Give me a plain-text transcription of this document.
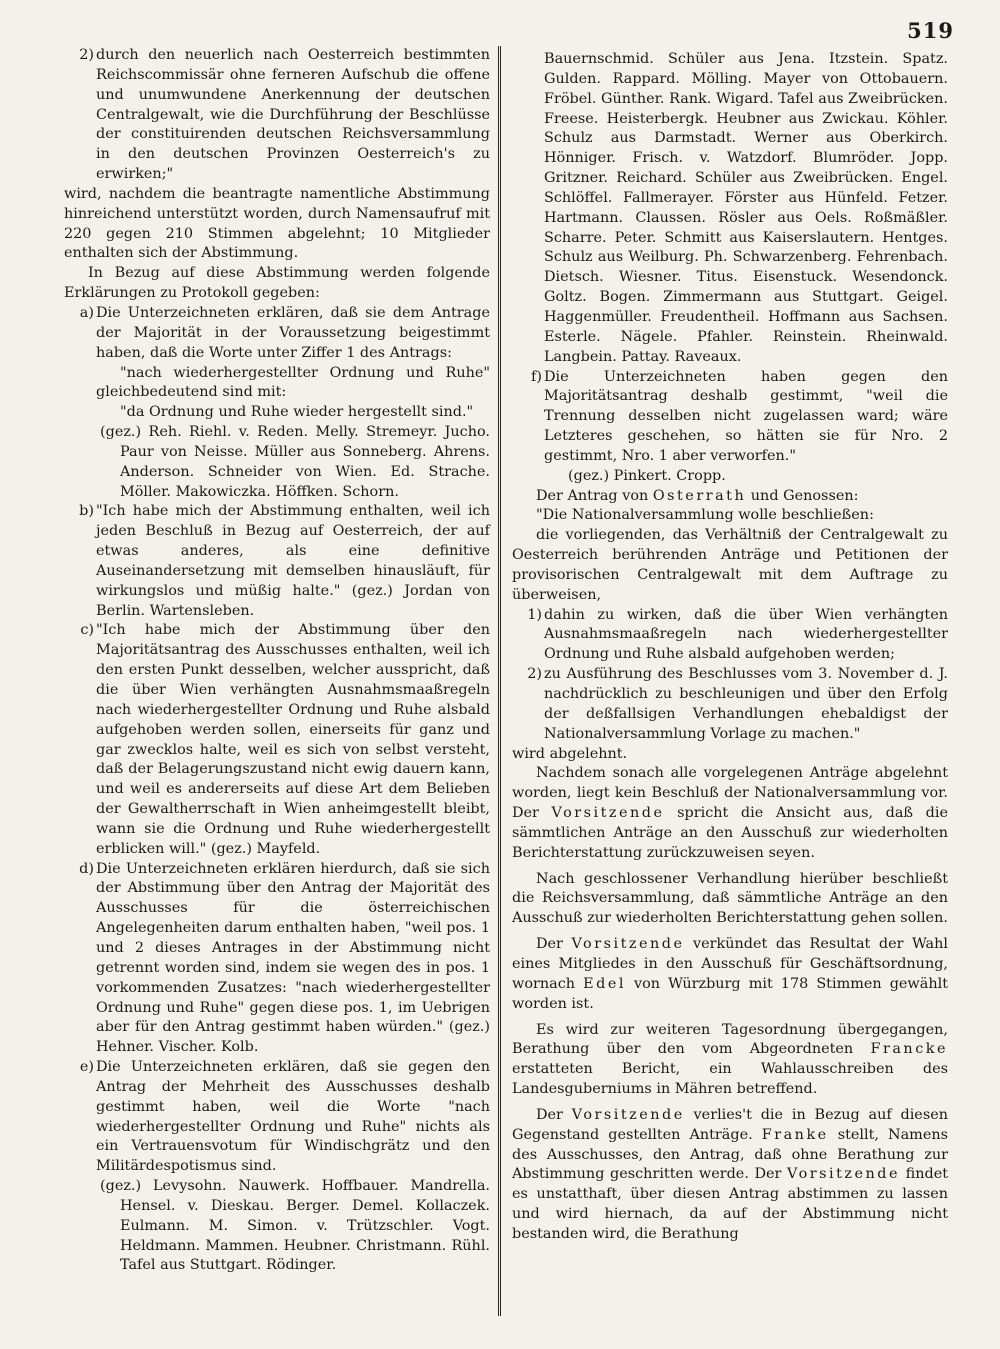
519

2) durch den neuerlich nach Oesterreich bestimmten Reichscommissär ohne ferneren Aufschub die offene und unumwundene Anerkennung der deutschen Centralgewalt, wie die Durchführung der Beschlüsse der constituirenden deutschen Reichsversammlung in den deutschen Provinzen Oesterreich's zu erwirken;"

wird, nachdem die beantragte namentliche Abstimmung hinreichend unterstützt worden, durch Namensaufruf mit 220 gegen 210 Stimmen abgelehnt; 10 Mitglieder enthalten sich der Abstimmung.

In Bezug auf diese Abstimmung werden folgende Erklärungen zu Protokoll gegeben:

a) Die Unterzeichneten erklären, daß sie dem Antrage der Majorität in der Voraussetzung beigestimmt haben, daß die Worte unter Ziffer 1 des Antrags:

"nach wiederhergestellter Ordnung und Ruhe" gleichbedeutend sind mit:

"da Ordnung und Ruhe wieder hergestellt sind."

(gez.) Reh. Riehl. v. Reden. Melly. Stremeyr. Jucho. Paur von Neisse. Müller aus Sonneberg. Ahrens. Anderson. Schneider von Wien. Ed. Strache. Möller. Makowiczka. Höffken. Schorn.

b) "Ich habe mich der Abstimmung enthalten, weil ich jeden Beschluß in Bezug auf Oesterreich, der auf etwas anderes, als eine definitive Auseinandersetzung mit demselben hinausläuft, für wirkungslos und müßig halte." (gez.) Jordan von Berlin. Wartensleben.

c) "Ich habe mich der Abstimmung über den Majoritätsantrag des Ausschusses enthalten, weil ich den ersten Punkt desselben, welcher ausspricht, daß die über Wien verhängten Ausnahmsmaaßregeln nach wiederhergestellter Ordnung und Ruhe alsbald aufgehoben werden sollen, einerseits für ganz und gar zwecklos halte, weil es sich von selbst versteht, daß der Belagerungszustand nicht ewig dauern kann, und weil es andererseits auf diese Art dem Belieben der Gewaltherrschaft in Wien anheimgestellt bleibt, wann sie die Ordnung und Ruhe wiederhergestellt erblicken will." (gez.) Mayfeld.

d) Die Unterzeichneten erklären hierdurch, daß sie sich der Abstimmung über den Antrag der Majorität des Ausschusses für die österreichischen Angelegenheiten darum enthalten haben, "weil pos. 1 und 2 dieses Antrages in der Abstimmung nicht getrennt worden sind, indem sie wegen des in pos. 1 vorkommenden Zusatzes: "nach wiederhergestellter Ordnung und Ruhe" gegen diese pos. 1, im Uebrigen aber für den Antrag gestimmt haben würden." (gez.) Hehner. Vischer. Kolb.

e) Die Unterzeichneten erklären, daß sie gegen den Antrag der Mehrheit des Ausschusses deshalb gestimmt haben, weil die Worte "nach wiederhergestellter Ordnung und Ruhe" nichts als ein Vertrauensvotum für Windischgrätz und den Militärdespotismus sind.

(gez.) Levysohn. Nauwerk. Hoffbauer. Mandrella. Hensel. v. Dieskau. Berger. Demel. Kollaczek. Eulmann. M. Simon. v. Trützschler. Vogt. Heldmann. Mammen. Heubner. Christmann. Rühl. Tafel aus Stuttgart. Rödinger.

Bauernschmid. Schüler aus Jena. Itzstein. Spatz. Gulden. Rappard. Mölling. Mayer von Ottobauern. Fröbel. Günther. Rank. Wigard. Tafel aus Zweibrücken. Freese. Heisterbergk. Heubner aus Zwickau. Köhler. Schulz aus Darmstadt. Werner aus Oberkirch. Hönniger. Frisch. v. Watzdorf. Blumröder. Jopp. Gritzner. Reichard. Schüler aus Zweibrücken. Engel. Schlöffel. Fallmerayer. Förster aus Hünfeld. Fetzer. Hartmann. Claussen. Rösler aus Oels. Roßmäßler. Scharre. Peter. Schmitt aus Kaiserslautern. Hentges. Schulz aus Weilburg. Ph. Schwarzenberg. Fehrenbach. Dietsch. Wiesner. Titus. Eisenstuck. Wesendonck. Goltz. Bogen. Zimmermann aus Stuttgart. Geigel. Haggenmüller. Freudentheil. Hoffmann aus Sachsen. Esterle. Nägele. Pfahler. Reinstein. Rheinwald. Langbein. Pattay. Raveaux.

f) Die Unterzeichneten haben gegen den Majoritätsantrag deshalb gestimmt, "weil die Trennung desselben nicht zugelassen ward; wäre Letzteres geschehen, so hätten sie für Nro. 2 gestimmt, Nro. 1 aber verworfen."

(gez.) Pinkert. Cropp.

Der Antrag von Osterrath und Genossen:

"Die Nationalversammlung wolle beschließen:

die vorliegenden, das Verhältniß der Centralgewalt zu Oesterreich berührenden Anträge und Petitionen der provisorischen Centralgewalt mit dem Auftrage zu überweisen,

1) dahin zu wirken, daß die über Wien verhängten Ausnahmsmaaßregeln nach wiederhergestellter Ordnung und Ruhe alsbald aufgehoben werden;

2) zu Ausführung des Beschlusses vom 3. November d. J. nachdrücklich zu beschleunigen und über den Erfolg der deßfallsigen Verhandlungen ehebaldigst der Nationalversammlung Vorlage zu machen."

wird abgelehnt.

Nachdem sonach alle vorgelegenen Anträge abgelehnt worden, liegt kein Beschluß der Nationalversammlung vor. Der Vorsitzende spricht die Ansicht aus, daß die sämmtlichen Anträge an den Ausschuß zur wiederholten Berichterstattung zurückzuweisen seyen.

Nach geschlossener Verhandlung hierüber beschließt die Reichsversammlung, daß sämmtliche Anträge an den Ausschuß zur wiederholten Berichterstattung gehen sollen.

Der Vorsitzende verkündet das Resultat der Wahl eines Mitgliedes in den Ausschuß für Geschäftsordnung, wornach Edel von Würzburg mit 178 Stimmen gewählt worden ist.

Es wird zur weiteren Tagesordnung übergegangen, Berathung über den vom Abgeordneten Francke erstatteten Bericht, ein Wahlausschreiben des Landesguberniums in Mähren betreffend.

Der Vorsitzende verlies't die in Bezug auf diesen Gegenstand gestellten Anträge. Franke stellt, Namens des Ausschusses, den Antrag, daß ohne Berathung zur Abstimmung geschritten werde. Der Vorsitzende findet es unstatthaft, über diesen Antrag abstimmen zu lassen und wird hiernach, da auf der Abstimmung nicht bestanden wird, die Berathung
